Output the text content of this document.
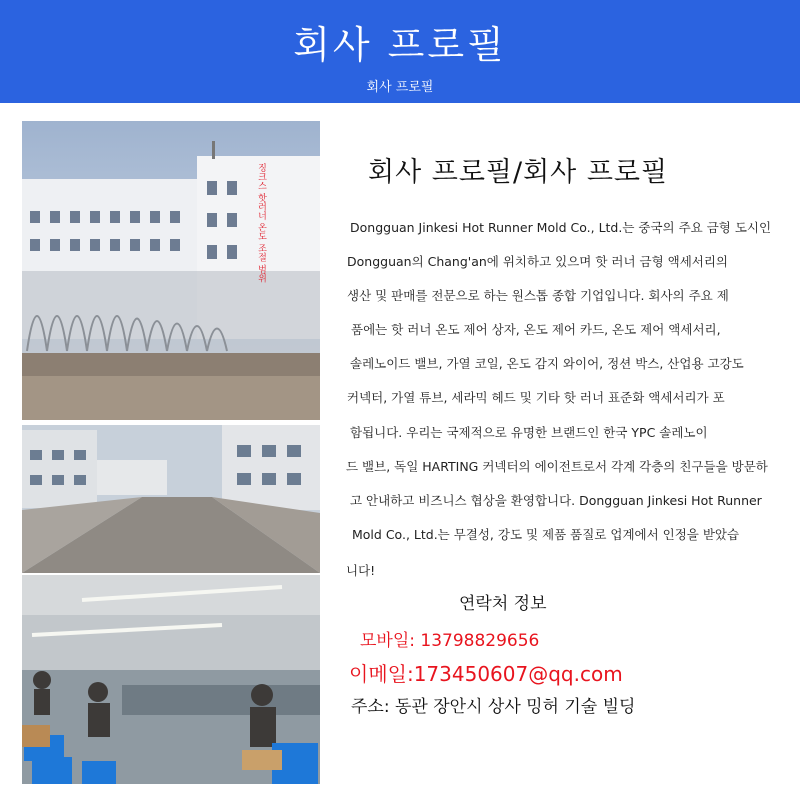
회사 프로필
회사 프로필
징크스 핫러너 온도 조절 범위	회사 프로필/회사 프로필
Dongguan Jinkesi Hot Runner Mold Co., Ltd.는 중국의 주요 금형 도시인
Dongguan의 Chang'an에 위치하고 있으며 핫 러너 금형 액세서리의
생산 및 판매를 전문으로 하는 원스톱 종합 기업입니다. 회사의 주요 제
품에는 핫 러너 온도 제어 상자, 온도 제어 카드, 온도 제어 액세서리,
솔레노이드 밸브, 가열 코일, 온도 감지 와이어, 정션 박스, 산업용 고강도
커넥터, 가열 튜브, 세라믹 헤드 및 기타 핫 러너 표준화 액세서리가 포
함됩니다. 우리는 국제적으로 유명한 브랜드인 한국 YPC 솔레노이
드 밸브, 독일 HARTING 커넥터의 에이전트로서 각계 각층의 친구들을 방문하
고 안내하고 비즈니스 협상을 환영합니다. Dongguan Jinkesi Hot Runner
Mold Co., Ltd.는 무결성, 강도 및 제품 품질로 업계에서 인정을 받았습
니다!
연락처 정보
모바일: 13798829656
이메일:173450607@qq.com
주소: 동관 장안시 상사 밍허 기술 빌딩
